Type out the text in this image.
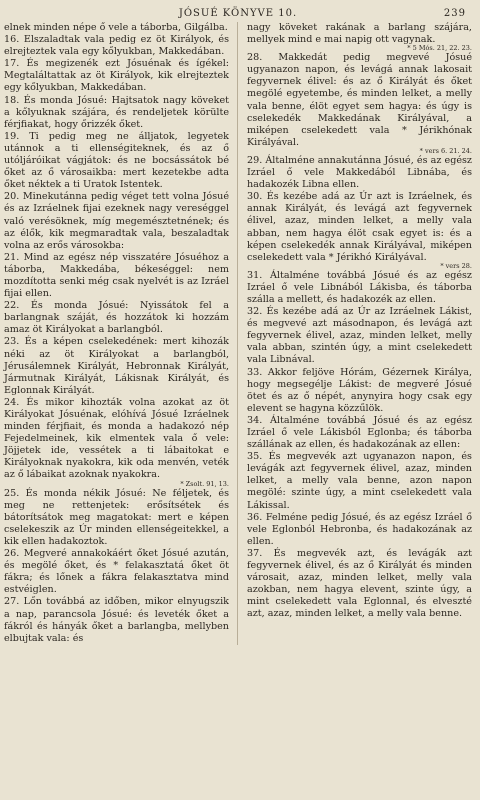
JÓSUÉ KÖNYVE 10.	239

elnek minden népe ő vele a táborba, Gilgálba.

16. Elszaladtak vala pedig ez öt Királyok, és elrejteztek vala egy kőlyukban, Makkedában.

17. És megizenék ezt Jósuénak és ígékel: Megtaláltattak az öt Királyok, kik elrejteztek egy kőlyukban, Makkedában.

18. És monda Jósué: Hajtsatok nagy köveket a kőlyuknak szájára, és rendeljetek körülte férjfiakat, hogy őrizzék őket.

19. Ti pedig meg ne álljatok, legyetek utánnok a ti ellenségiteknek, és az ő utóljáróikat vágjátok: és ne bocsássátok bé őket az ő városaikba: mert kezetekbe adta őket néktek a ti Uratok Istentek.

20. Minekutánna pedig véget tett volna Jósué és az Izráelnek fijai ezeknek nagy vereséggel való verésöknek, míg megemésztetnének; és az élők, kik megmaradtak vala, beszaladtak volna az erős városokba:

21. Mind az egész nép visszatére Jósuéhoz a táborba, Makkedába, békeséggel: nem mozdította senki még csak nyelvét is az Izráel fijai ellen.

22. És monda Jósué: Nyissátok fel a barlangnak száját, és hozzátok ki hozzám amaz öt Királyokat a barlangból.

23. És a képen cselekedének: mert kihozák néki az öt Királyokat a barlangból, Jérusálemnek Királyát, Hebronnak Királyát, Jármutnak Királyát, Lákisnak Királyát, és Eglonnak Királyát.

24. És mikor kihozták volna azokat az öt Királyokat Jósuénak, elóhívá Jósué Izráelnek minden férjfiait, és monda a hadakozó nép Fejedelmeinek, kik elmentek vala ő vele: Jöjjetek ide, vessétek a ti lábaitokat e Királyoknak nyakokra, kik oda menvén, veték az ő lábaikat azoknak nyakokra.

* Zsolt. 91, 13.

25. És monda nékik Jósué: Ne féljetek, és meg ne rettenjetek: erősítsétek és bátorítsátok meg magatokat: mert e képen cselekeszik az Úr minden ellenségeitekkel, a kik ellen hadakoztok.

26. Megveré annakokáért őket Jósué azután, és megölé őket, és * felakasztatá őket öt fákra; és lőnek a fákra felakasztatva mind estvéiglen.

27. Lőn továbbá az időben, mikor elnyugszik a nap, parancsola Jósué: és leveték őket a fákról és hányák őket a barlangba, mellyben elbujtak vala: és

nagy köveket rakának a barlang szájára, mellyek mind e mai napig ott vagynak.

* 5 Mós. 21, 22. 23.

28. Makkedát pedig megvevé Jósué ugyanazon napon, és levágá annak lakosait fegyvernek élivel: és az ő Királyát és őket megölé egyetembe, és minden lelket, a melly vala benne, élöt egyet sem hagya: és úgy is cselekedék Makkedának Királyával, a miképen cselekedett vala * Jérikhónak Királyával.

* vers 6. 21. 24.

29. Általméne annakutánna Jósué, és az egész Izráel ő vele Makkedából Libnába, és hadakozék Libna ellen.

30. És kezébe adá az Úr azt is Izráelnek, és annak Királyát, és levágá azt fegyvernek élivel, azaz, minden lelket, a melly vala abban, nem hagya élöt csak egyet is: és a képen cselekedék annak Királyával, miképen cselekedett vala * Jérikhó Királyával.

* vers 28.

31. Általméne továbbá Jósué és az egész Izráel ő vele Libnából Lákisba, és táborba szálla a mellett, és hadakozék az ellen.

32. És kezébe adá az Úr az Izráelnek Lákist, és megvevé azt másodnapon, és levágá azt fegyvernek élivel, azaz, minden lelket, melly vala abban, szintén úgy, a mint cselekedett vala Libnával.

33. Akkor feljöve Hórám, Gézernek Királya, hogy megsegélje Lákist: de megveré Jósué ötet és az ő népét, anynyira hogy csak egy elevent se hagyna közzűlök.

34. Általméne továbbá Jósué és az egész Izráel ő vele Lákisból Eglonba; és táborba szállának az ellen, és hadakozának az ellen:

35. És megvevék azt ugyanazon napon, és levágák azt fegyvernek élivel, azaz, minden lelket, a melly vala benne, azon napon megölé: szinte úgy, a mint cselekedett vala Lákissal.

36. Felméne pedig Jósué, és az egész Izráel ő vele Eglonból Hebronba, és hadakozának az ellen.

37. És megvevék azt, és levágák azt fegyvernek élivel, és az ő Királyát és minden városait, azaz, minden lelket, melly vala azokban, nem hagya elevent, szinte úgy, a mint cselekedett vala Eglonnal, és elveszté azt, azaz, minden lelket, a melly vala benne.
